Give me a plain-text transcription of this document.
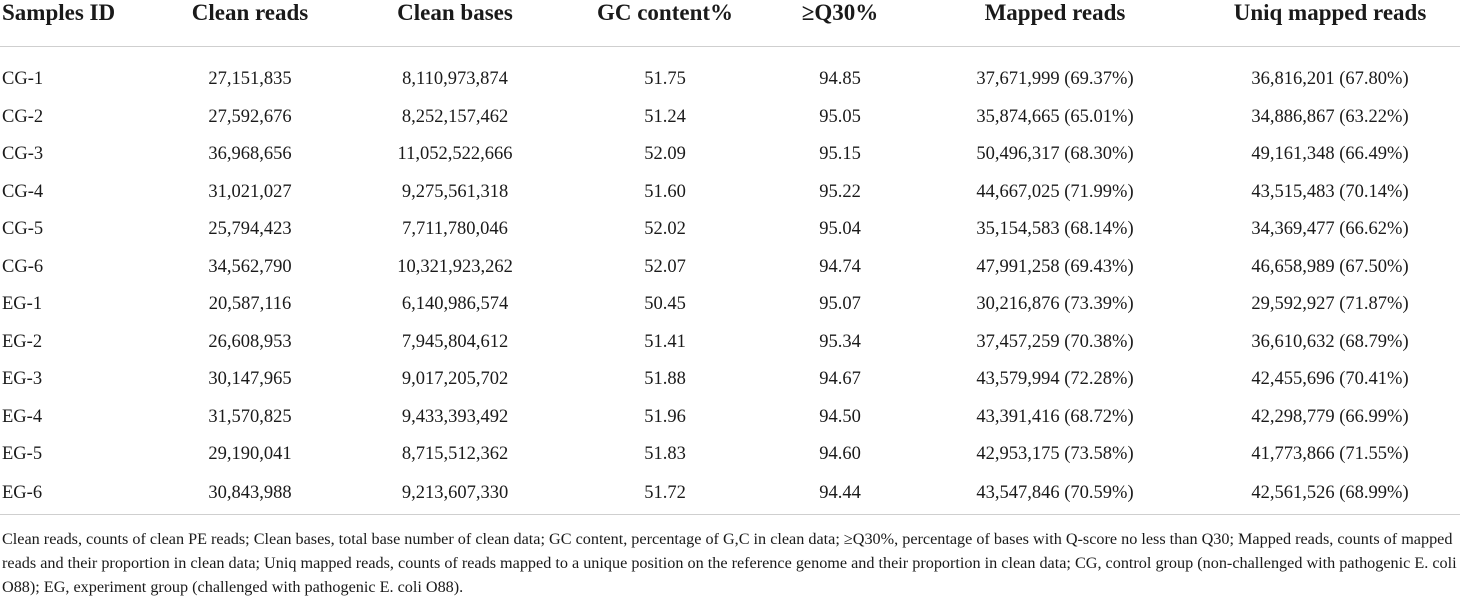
Samples ID	Clean reads	Clean bases	GC content%	≥Q30%	Mapped reads	Uniq mapped reads

CG-1	27,151,835	8,110,973,874	51.75	94.85	37,671,999 (69.37%)	36,816,201 (67.80%)
CG-2	27,592,676	8,252,157,462	51.24	95.05	35,874,665 (65.01%)	34,886,867 (63.22%)
CG-3	36,968,656	11,052,522,666	52.09	95.15	50,496,317 (68.30%)	49,161,348 (66.49%)
CG-4	31,021,027	9,275,561,318	51.60	95.22	44,667,025 (71.99%)	43,515,483 (70.14%)
CG-5	25,794,423	7,711,780,046	52.02	95.04	35,154,583 (68.14%)	34,369,477 (66.62%)
CG-6	34,562,790	10,321,923,262	52.07	94.74	47,991,258 (69.43%)	46,658,989 (67.50%)
EG-1	20,587,116	6,140,986,574	50.45	95.07	30,216,876 (73.39%)	29,592,927 (71.87%)
EG-2	26,608,953	7,945,804,612	51.41	95.34	37,457,259 (70.38%)	36,610,632 (68.79%)
EG-3	30,147,965	9,017,205,702	51.88	94.67	43,579,994 (72.28%)	42,455,696 (70.41%)
EG-4	31,570,825	9,433,393,492	51.96	94.50	43,391,416 (68.72%)	42,298,779 (66.99%)
EG-5	29,190,041	8,715,512,362	51.83	94.60	42,953,175 (73.58%)	41,773,866 (71.55%)
EG-6	30,843,988	9,213,607,330	51.72	94.44	43,547,846 (70.59%)	42,561,526 (68.99%)
Clean reads, counts of clean PE reads; Clean bases, total base number of clean data; GC content, percentage of G,C in clean data; ≥Q30%, percentage of bases with Q-score no less than Q30; Mapped reads, counts of mapped reads and their proportion in clean data; Uniq mapped reads, counts of reads mapped to a unique position on the reference genome and their proportion in clean data; CG, control group (non-challenged with pathogenic E. coli O88); EG, experiment group (challenged with pathogenic E. coli O88).
